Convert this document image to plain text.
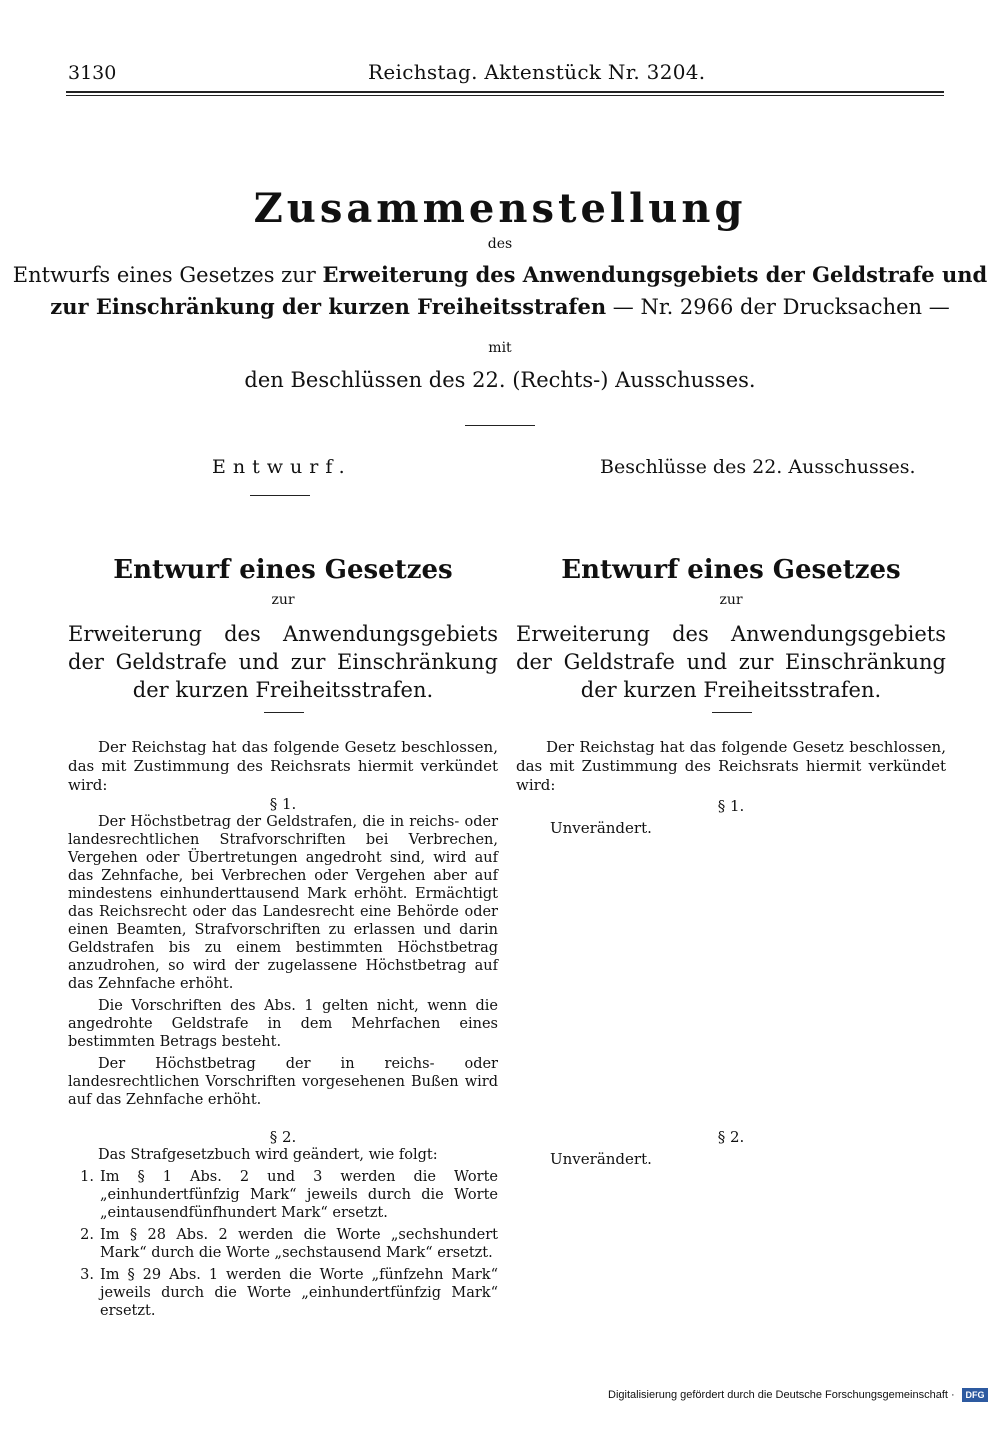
3130	Reichstag. Aktenstück Nr. 3204.
Zusammenstellung
des
Entwurfs eines Gesetzes zur Erweiterung des Anwendungsgebiets der Geldstrafe und
zur Einschränkung der kurzen Freiheitsstrafen — Nr. 2966 der Drucksachen —
mit
den Beschlüssen des 22. (Rechts-) Ausschusses.
Entwurf.	Beschlüsse des 22. Ausschusses.
Entwurf eines Gesetzes
zur
Erweiterung des Anwendungsgebiets der Geldstrafe und zur Einschränkung der kurzen Freiheitsstrafen.
Der Reichstag hat das folgende Gesetz beschlossen, das mit Zustimmung des Reichsrats hiermit verkündet wird:
§ 1.

Der Höchstbetrag der Geldstrafen, die in reichs- oder landesrechtlichen Strafvorschriften bei Verbrechen, Vergehen oder Übertretungen angedroht sind, wird auf das Zehnfache, bei Verbrechen oder Vergehen aber auf mindestens einhunderttausend Mark erhöht. Ermächtigt das Reichsrecht oder das Landesrecht eine Behörde oder einen Beamten, Strafvorschriften zu erlassen und darin Geldstrafen bis zu einem bestimmten Höchstbetrag anzudrohen, so wird der zugelassene Höchstbetrag auf das Zehnfache erhöht.

Die Vorschriften des Abs. 1 gelten nicht, wenn die angedrohte Geldstrafe in dem Mehrfachen eines bestimmten Betrags besteht.

Der Höchstbetrag der in reichs- oder landesrechtlichen Vorschriften vorgesehenen Bußen wird auf das Zehnfache erhöht.

§ 2.
Das Strafgesetzbuch wird geändert, wie folgt:
1. Im § 1 Abs. 2 und 3 werden die Worte „einhundertfünfzig Mark“ jeweils durch die Worte „eintausendfünfhundert Mark“ ersetzt.
2. Im § 28 Abs. 2 werden die Worte „sechshundert Mark“ durch die Worte „sechstausend Mark“ ersetzt.
3. Im § 29 Abs. 1 werden die Worte „fünfzehn Mark“ jeweils durch die Worte „einhundertfünfzig Mark“ ersetzt.
Entwurf eines Gesetzes
zur
Erweiterung des Anwendungsgebiets der Geldstrafe und zur Einschränkung der kurzen Freiheitsstrafen.
Der Reichstag hat das folgende Gesetz beschlossen, das mit Zustimmung des Reichsrats hiermit verkündet wird:
§ 1.
Unverändert.
§ 2.
Unverändert.
Digitalisierung gefördert durch die Deutsche Forschungsgemeinschaft ·	DFG
